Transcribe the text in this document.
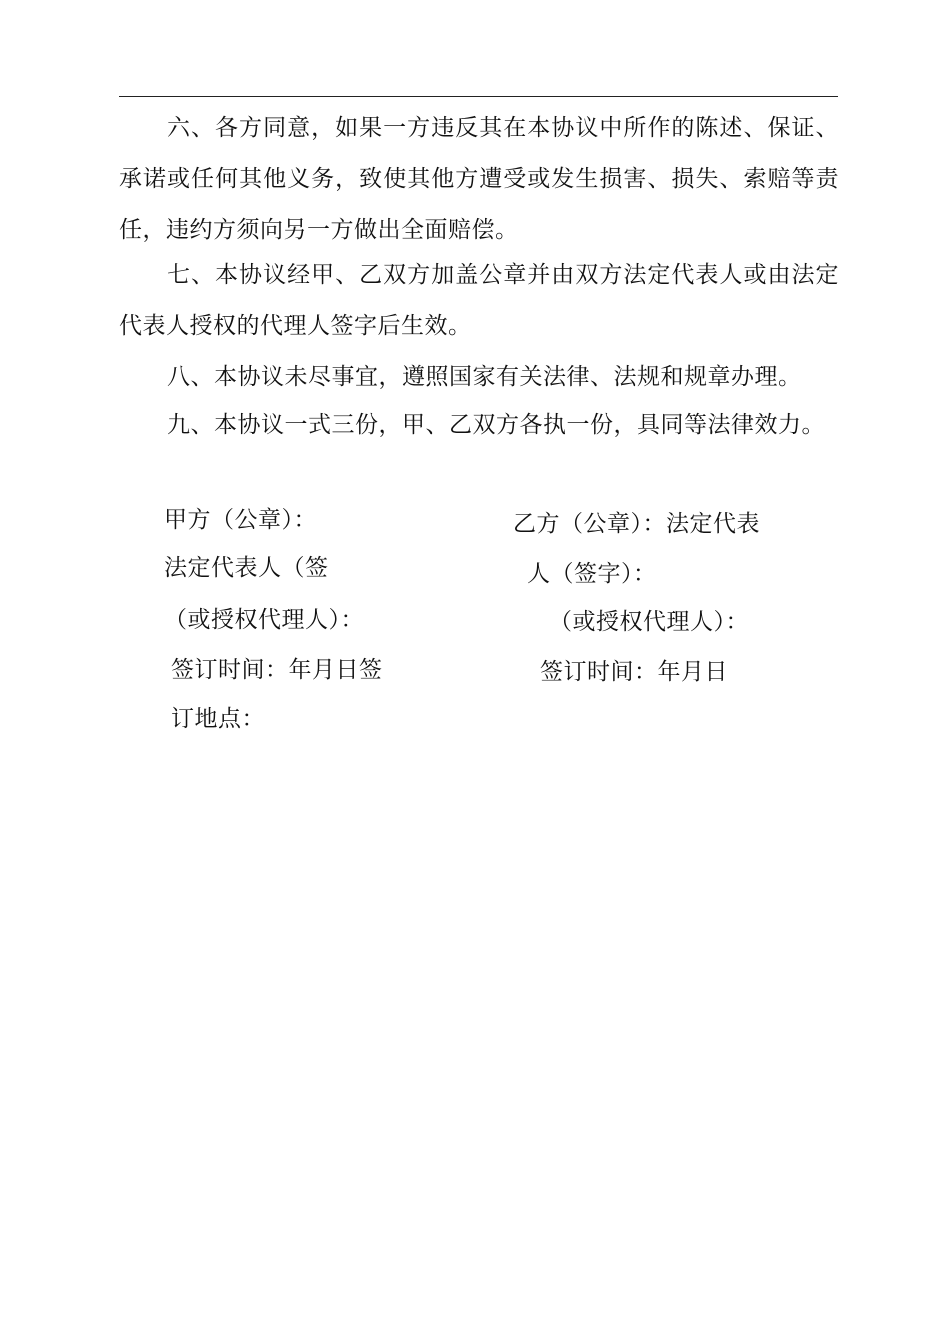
六、各方同意，如果一方违反其在本协议中所作的陈述、保证、承诺或任何其他义务，致使其他方遭受或发生损害、损失、索赔等责任，违约方须向另一方做出全面赔偿。

七、本协议经甲、乙双方加盖公章并由双方法定代表人或由法定代表人授权的代理人签字后生效。

八、本协议未尽事宜，遵照国家有关法律、法规和规章办理。

九、本协议一式三份，甲、乙双方各执一份，具同等法律效力。

甲方（公章）：

法定代表人（签

（或授权代理人）：

签订时间：年月日签

订地点：

乙方（公章）：法定代表

人（签字）：

（或授权代理人）：

签订时间：年月日
